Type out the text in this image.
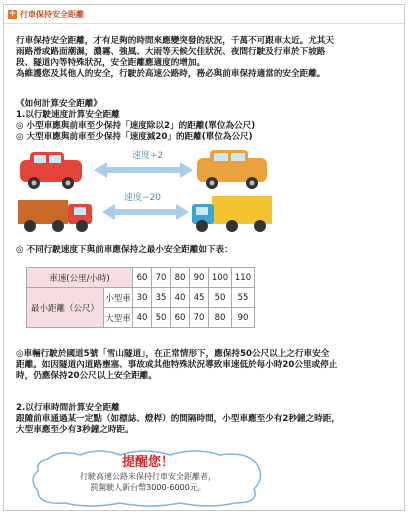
+ 行車保持安全距離
行車保持安全距離，才有足夠的時間來應變突發的狀況，千萬不可跟車太近。尤其天
雨路滑或路面潮濕，濃霧、強風、大雨等天候欠佳狀況、夜間行駛及行車於下坡路
段、隧道內等特殊狀況，安全距離應適度的增加。
為維護您及其他人的安全，行駛於高速公路時，務必與前車保持適當的安全距離。
《如何計算安全距離》
1.以行駛速度計算安全距離
◎ 小型車應與前車至少保持「速度除以2」的距離(單位為公尺)
◎ 大型車應與前車至少保持「速度減20」的距離(單位為公尺)
速度÷2
速度−20
◎ 不同行駛速度下與前車應保持之最小安全距離如下表：
車速(公里/小時)		60	70	80	90	100	110
最小距離（公尺）	小型車	30	35	40	45	50	55
	大型車	40	50	60	70	80	90
◎車輛行駛於國道5號「雪山隧道」，在正常情形下，應保持50公尺以上之行車安全
距離。如因隧道內道路壅塞、事故或其他特殊狀況導致車速低於每小時20公里或停止
時，仍應保持20公尺以上安全距離。
2.以行車時間計算安全距離
跟隨前車通過某一定點（如標誌、燈桿）的間隔時間，小型車應至少有2秒鐘之時距，
大型車應至少有3秒鐘之時距。
提醒您！
行駛高速公路未保持行車安全距離者，
罰駕駛人新台幣3000-6000元。
